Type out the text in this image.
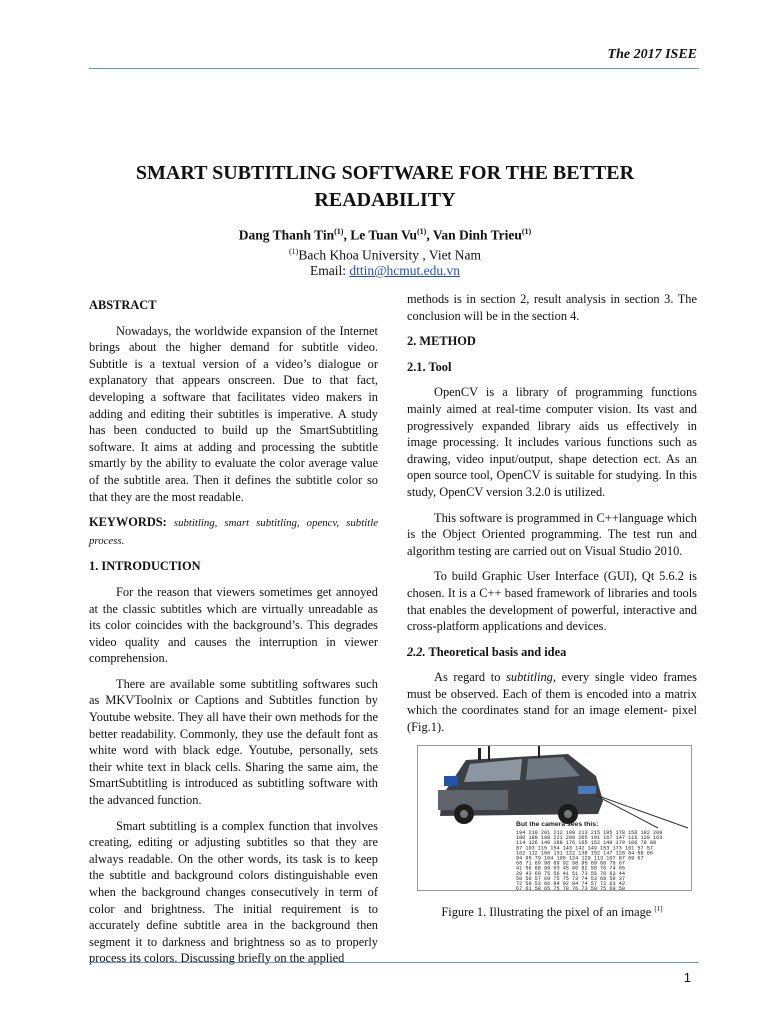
The 2017 ISEE
SMART SUBTITLING SOFTWARE FOR THE BETTER
READABILITY
Dang Thanh Tin$^{(1)}$, Le Tuan Vu$^{(1)}$, Van Dinh Trieu$^{(1)}$
$^{(1)}$Bach Khoa University , Viet Nam
Email: dttin@hcmut.edu.vn
ABSTRACT

Nowadays, the worldwide expansion of the Internet brings about the higher demand for subtitle video. Subtitle is a textual version of a video’s dialogue or explanatory that appears onscreen. Due to that fact, developing a software that facilitates video makers in adding and editing their subtitles is imperative. A study has been conducted to build up the SmartSubtitling software. It aims at adding and processing the subtitle smartly by the ability to evaluate the color average value of the subtitle area. Then it defines the subtitle color so that they are the most readable.

KEYWORDS: subtitling, smart subtitling, opencv, subtitle process.

1. INTRODUCTION

For the reason that viewers sometimes get annoyed at the classic subtitles which are virtually unreadable as its color coincides with the background’s. This degrades video quality and causes the interruption in viewer comprehension.

There are available some subtitling softwares such as MKVToolnix or Captions and Subtitles function by Youtube website. They all have their own methods for the better readability. Commonly, they use the default font as white word with black edge. Youtube, personally, sets their white text in black cells. Sharing the same aim, the SmartSubtitling is introduced as subtitling software with the advanced function.

Smart subtitling is a complex function that involves creating, editing or adjusting subtitles so that they are always readable. On the other words, its task is to keep the subtitle and background colors distinguishable even when the background changes consecutively in term of color and brightness. The initial requirement is to accurately define subtitle area in the background then segment it to darkness and brightness so as to properly process its colors. Discussing briefly on the applied

methods is in section 2, result analysis in section 3. The conclusion will be in the section 4.

2. METHOD
2.1. Tool

OpenCV is a library of programming functions mainly aimed at real-time computer vision. Its vast and progressively expanded library aids us effectively in image processing. It includes various functions such as drawing, video input/output, shape detection ect. As an open source tool, OpenCV is suitable for studying. In this study, OpenCV version 3.2.0 is utilized.

This software is programmed in C++language which is the Object Oriented programming. The test run and algorithm testing are carried out on Visual Studio 2010.

To build Graphic User Interface (GUI), Qt 5.6.2 is chosen. It is a C++ based framework of libraries and tools that enables the development of powerful, interactive and cross-platform applications and devices.

2.2. Theoretical basis and idea

As regard to subtitling, every single video frames must be observed. Each of them is encoded into a matrix which the coordinates stand for an image element- pixel (Fig.1).

But the camera sees this:
194 210 201 212 199 213 215 195 178 158 182 209
180 189 190 221 209 205 191 167 147 115 129 163
114 126 140 188 176 165 152 140 170 106 78 88
87 103 115 154 143 142 149 153 173 101 57 57
102 112 106 131 122 138 152 147 128 84 58 66
94 95 79 104 105 124 129 113 107 87 69 67
68 71 69 98 89 92 98 95 89 88 76 67
41 56 68 99 63 45 60 82 58 76 74 65
20 43 69 75 56 41 51 73 55 70 63 44
50 50 57 69 75 75 73 74 53 68 59 37
72 59 53 66 84 92 84 74 57 72 63 42
67 61 58 65 75 78 76 73 59 75 69 50
Figure 1. Illustrating the pixel of an image [1]
1
